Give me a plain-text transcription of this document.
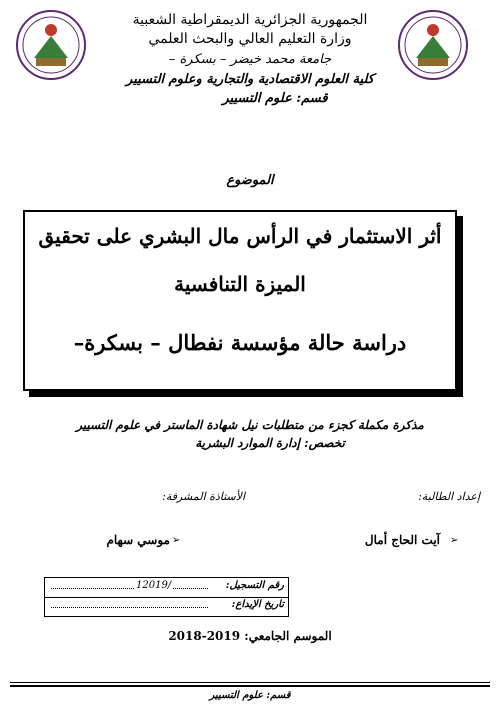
الجمهورية الجزائرية الديمقراطية الشعبية
وزارة التعليم العالي والبحث العلمي
جامعة محمد خيضر – بسكرة –
كلية العلوم الاقتصادية والتجارية وعلوم التسيير
قسم: علوم التسيير
الموضوع
أثر الاستثمار في الرأس مال البشري على تحقيق
الميزة التنافسية
دراسة حالة مؤسسة نفطال – بسكرة–
مذكرة مكملة كجزء من متطلبات نيل شهادة الماستر في علوم التسيير
تخصص: إدارة الموارد البشرية
إعداد الطالبة:
الأستاذة المشرفة:
➢
آيت الحاج أمال
➢
موسي سهام
12019/	رقم التسجيل:
تاريخ الإيداع:
الموسم الجامعي: 2019-2018
قسم: علوم التسيير
